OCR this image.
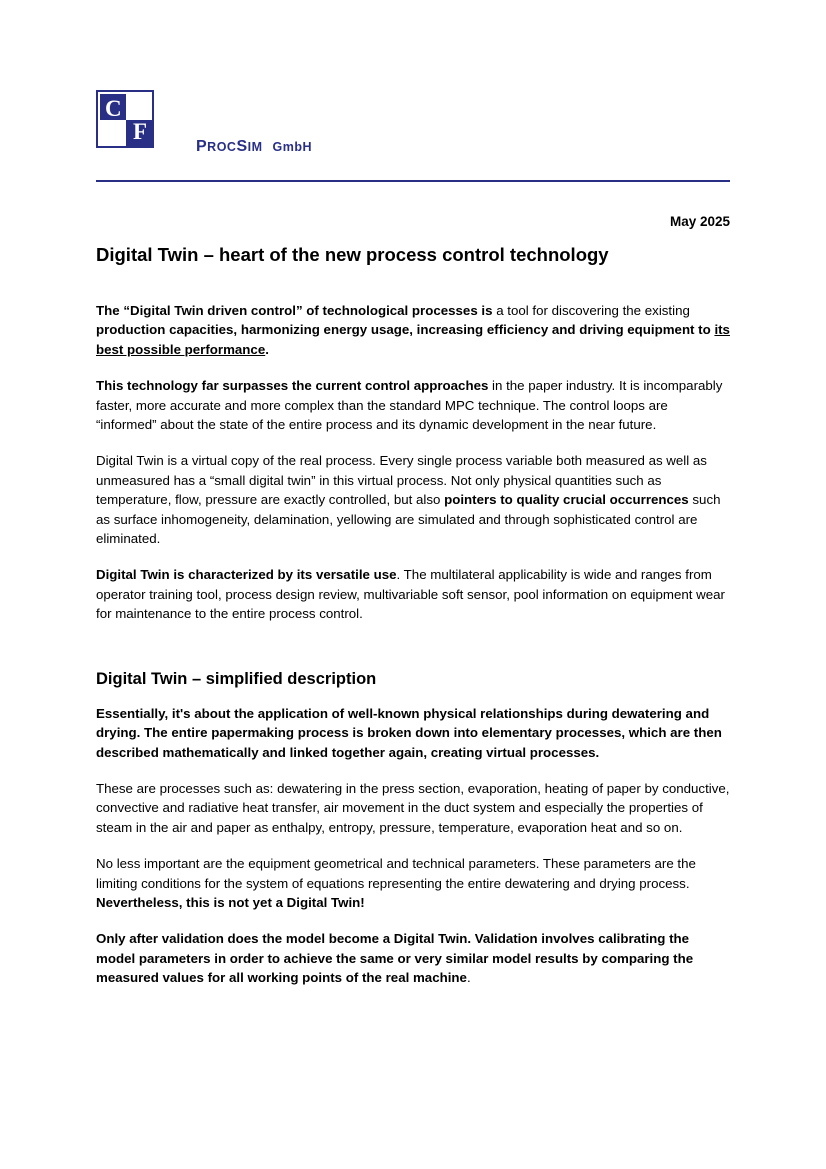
C
F
PROCSIM GmbH
May 2025
Digital Twin – heart of the new process control technology

The “Digital Twin driven control” of technological processes is a tool for discovering the existing production capacities, harmonizing energy usage, increasing efficiency and driving equipment to its best possible performance.

This technology far surpasses the current control approaches in the paper industry. It is incomparably faster, more accurate and more complex than the standard MPC technique. The control loops are “informed” about the state of the entire process and its dynamic development in the near future.

Digital Twin is a virtual copy of the real process. Every single process variable both measured as well as unmeasured has a “small digital twin” in this virtual process. Not only physical quantities such as temperature, flow, pressure are exactly controlled, but also pointers to quality crucial occurrences such as surface inhomogeneity, delamination, yellowing are simulated and through sophisticated control are eliminated.

Digital Twin is characterized by its versatile use. The multilateral applicability is wide and ranges from operator training tool, process design review, multivariable soft sensor, pool information on equipment wear for maintenance to the entire process control.

Digital Twin – simplified description

Essentially, it's about the application of well-known physical relationships during dewatering and drying. The entire papermaking process is broken down into elementary processes, which are then described mathematically and linked together again, creating virtual processes.

These are processes such as: dewatering in the press section, evaporation, heating of paper by conductive, convective and radiative heat transfer, air movement in the duct system and especially the properties of steam in the air and paper as enthalpy, entropy, pressure, temperature, evaporation heat and so on.

No less important are the equipment geometrical and technical parameters. These parameters are the limiting conditions for the system of equations representing the entire dewatering and drying process. Nevertheless, this is not yet a Digital Twin!

Only after validation does the model become a Digital Twin. Validation involves calibrating the model parameters in order to achieve the same or very similar model results by comparing the measured values for all working points of the real machine.
